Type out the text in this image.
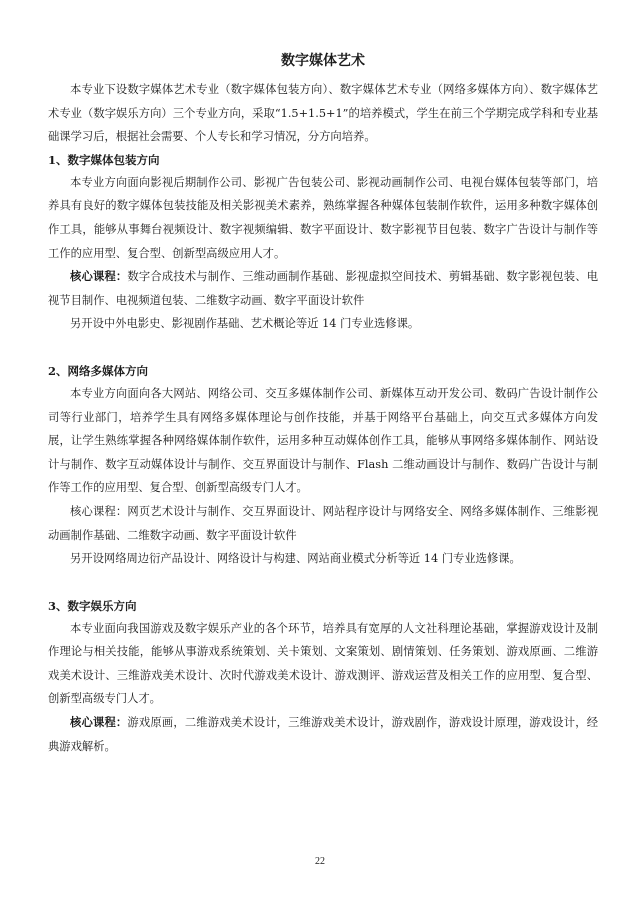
数字媒体艺术

本专业下设数字媒体艺术专业（数字媒体包装方向）、数字媒体艺术专业（网络多媒体方向）、数字媒体艺术专业（数字娱乐方向）三个专业方向，采取“1.5+1.5+1”的培养模式，学生在前三个学期完成学科和专业基础课学习后，根据社会需要、个人专长和学习情况，分方向培养。

1、数字媒体包装方向

本专业方向面向影视后期制作公司、影视广告包装公司、影视动画制作公司、电视台媒体包装等部门，培养具有良好的数字媒体包装技能及相关影视美术素养，熟练掌握各种媒体包装制作软件，运用多种数字媒体创作工具，能够从事舞台视频设计、数字视频编辑、数字平面设计、数字影视节目包装、数字广告设计与制作等工作的应用型、复合型、创新型高级应用人才。

核心课程：数字合成技术与制作、三维动画制作基础、影视虚拟空间技术、剪辑基础、数字影视包装、电视节目制作、电视频道包装、二维数字动画、数字平面设计软件

另开设中外电影史、影视剧作基础、艺术概论等近 14 门专业选修课。

2、网络多媒体方向

本专业方向面向各大网站、网络公司、交互多媒体制作公司、新媒体互动开发公司、数码广告设计制作公司等行业部门，培养学生具有网络多媒体理论与创作技能，并基于网络平台基础上，向交互式多媒体方向发展，让学生熟练掌握各种网络媒体制作软件，运用多种互动媒体创作工具，能够从事网络多媒体制作、网站设计与制作、数字互动媒体设计与制作、交互界面设计与制作、Flash 二维动画设计与制作、数码广告设计与制作等工作的应用型、复合型、创新型高级专门人才。

核心课程：网页艺术设计与制作、交互界面设计、网站程序设计与网络安全、网络多媒体制作、三维影视动画制作基础、二维数字动画、数字平面设计软件

另开设网络周边衍产品设计、网络设计与构建、网站商业模式分析等近 14 门专业选修课。

3、数字娱乐方向

本专业面向我国游戏及数字娱乐产业的各个环节，培养具有宽厚的人文社科理论基础，掌握游戏设计及制作理论与相关技能，能够从事游戏系统策划、关卡策划、文案策划、剧情策划、任务策划、游戏原画、二维游戏美术设计、三维游戏美术设计、次时代游戏美术设计、游戏测评、游戏运营及相关工作的应用型、复合型、创新型高级专门人才。

核心课程：游戏原画，二维游戏美术设计，三维游戏美术设计，游戏剧作，游戏设计原理，游戏设计，经典游戏解析。

22
